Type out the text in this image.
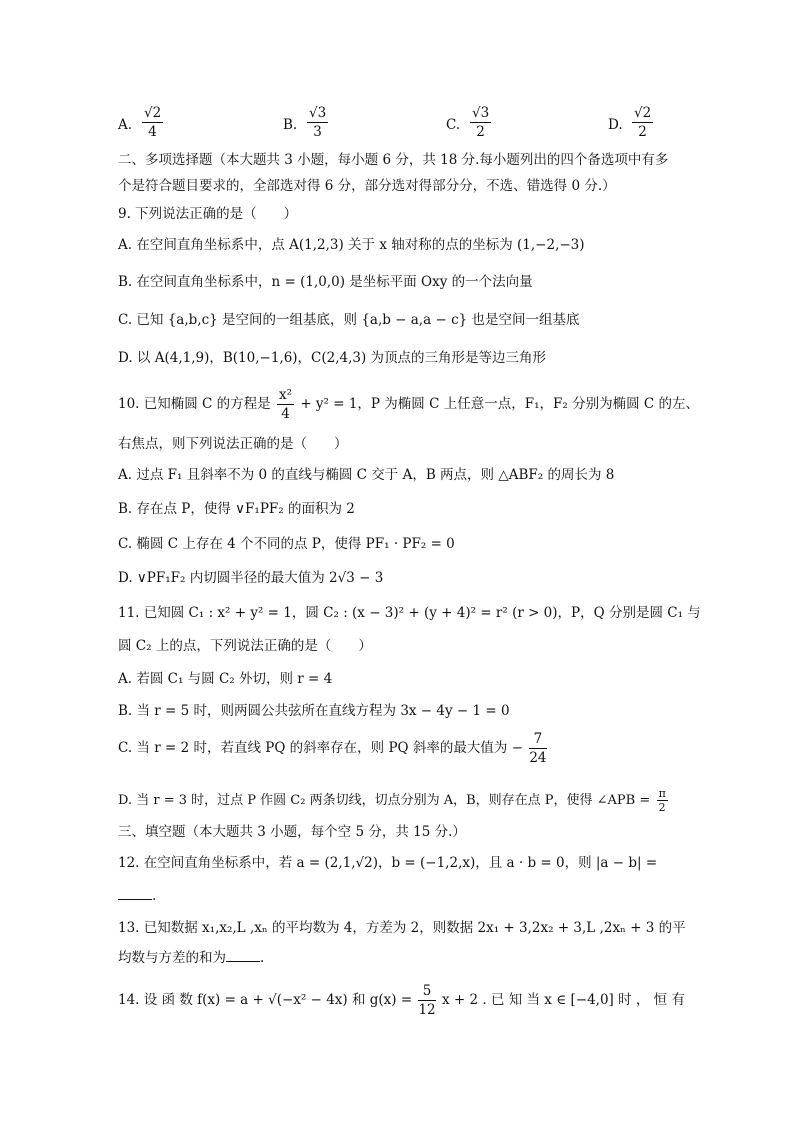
A. $\frac{√2}{4}$	B. $\frac{√3}{3}$	C. $\frac{√3}{2}$	D. $\frac{√2}{2}$
二、多项选择题（本大题共 3 小题，每小题 6 分，共 18 分.每小题列出的四个备选项中有多
个是符合题目要求的，全部选对得 6 分，部分选对得部分分，不选、错选得 0 分.）
9. 下列说法正确的是（　　）
A. 在空间直角坐标系中，点 A(1,2,3) 关于 x 轴对称的点的坐标为 (1,−2,−3)
B. 在空间直角坐标系中，n = (1,0,0) 是坐标平面 Oxy 的一个法向量
C. 已知 {a,b,c} 是空间的一组基底，则 {a,b − a,a − c} 也是空间一组基底
D. 以 A(4,1,9)，B(10,−1,6)，C(2,4,3) 为顶点的三角形是等边三角形
10. 已知椭圆 C 的方程是 $\frac{\text{x²}}{4} + y^2 = 1$，P 为椭圆 C 上任意一点，F₁，F₂ 分别为椭圆 C 的左、
右焦点，则下列说法正确的是（　　）
A. 过点 F₁ 且斜率不为 0 的直线与椭圆 C 交于 A，B 两点，则 △ABF₂ 的周长为 8
B. 存在点 P，使得 ∨F₁PF₂ 的面积为 2
C. 椭圆 C 上存在 4 个不同的点 P，使得 PF₁ · PF₂ = 0
D. ∨PF₁F₂ 内切圆半径的最大值为 2√3 − 3
11. 已知圆 C₁ : x² + y² = 1，圆 C₂ : (x − 3)² + (y + 4)² = r² (r > 0)，P，Q 分别是圆 C₁ 与
圆 C₂ 上的点，下列说法正确的是（　　）
A. 若圆 C₁ 与圆 C₂ 外切，则 r = 4
B. 当 r = 5 时，则两圆公共弦所在直线方程为 3x − 4y − 1 = 0
C. 当 r = 2 时，若直线 PQ 的斜率存在，则 PQ 斜率的最大值为 − $\frac{7}{24}$
D. 当 r = 3 时，过点 P 作圆 C₂ 两条切线，切点分别为 A，B，则存在点 P，使得 ∠APB = $\frac{\pi}{2}$
三、填空题（本大题共 3 小题，每个空 5 分，共 15 分.）
12. 在空间直角坐标系中，若 a = (2,1,√2)，b = (−1,2,x)，且 a · b = 0，则 |a − b| =
.
13. 已知数据 x₁,x₂,L ,xₙ 的平均数为 4，方差为 2，则数据 2x₁ + 3,2x₂ + 3,L ,2xₙ + 3 的平
均数与方差的和为	.
14. 设 函 数 f(x) = a + √(−x² − 4x) 和 $g(x) = \frac{5}{12}$ x + 2 . 已 知 当 x ∈ [−4,0] 时 ， 恒 有
